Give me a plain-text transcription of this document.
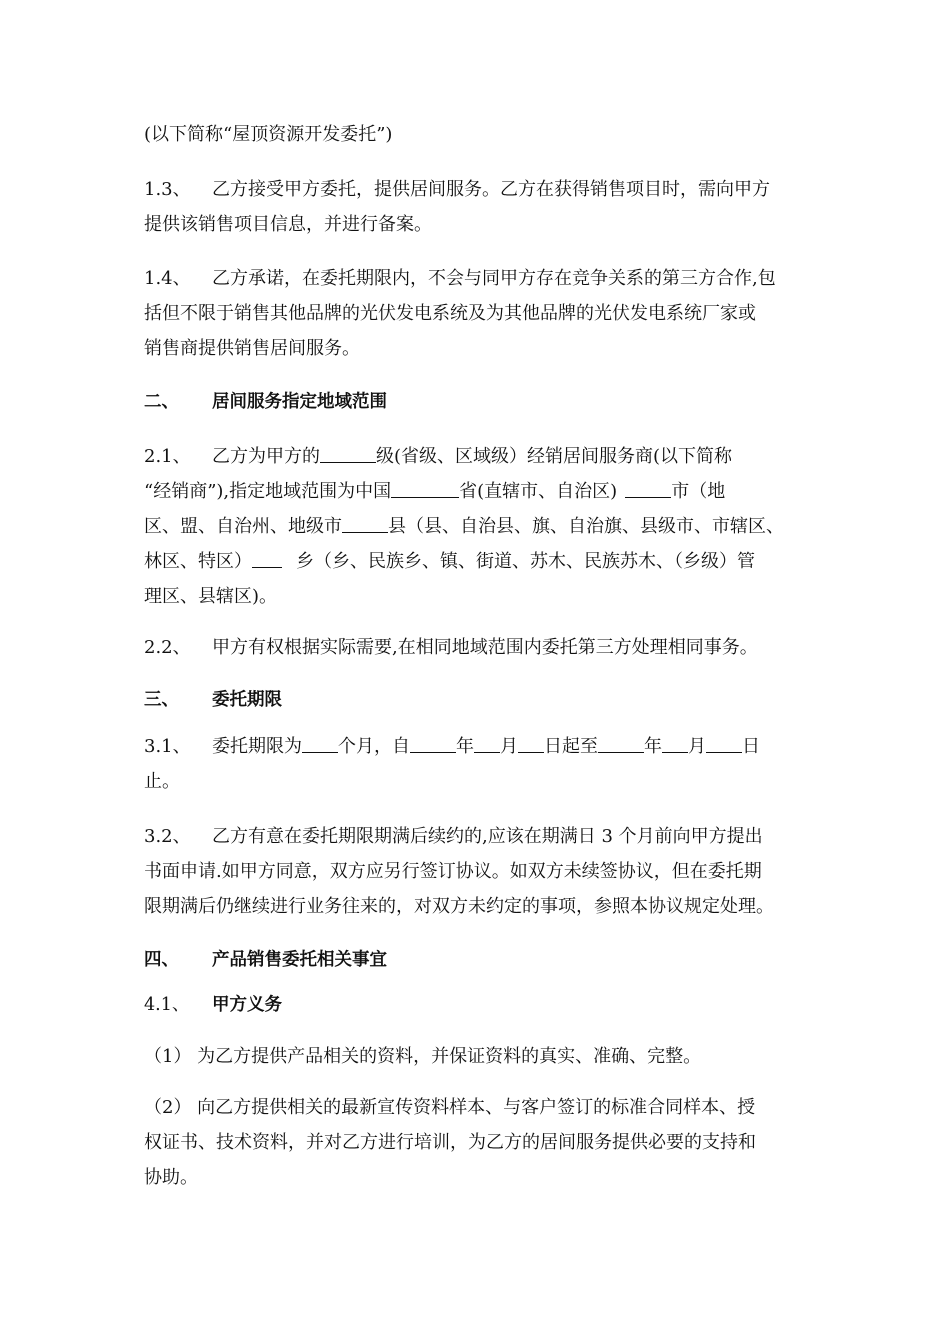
(以下简称“屋顶资源开发委托”)
1.3、 乙方接受甲方委托，提供居间服务。乙方在获得销售项目时，需向甲方
提供该销售项目信息，并进行备案。
1.4、 乙方承诺，在委托期限内，不会与同甲方存在竞争关系的第三方合作,包
括但不限于销售其他品牌的光伏发电系统及为其他品牌的光伏发电系统厂家或
销售商提供销售居间服务。
二、 居间服务指定地域范围
2.1、 乙方为甲方的	级(省级、区域级）经销居间服务商(以下简称
“经销商”),指定地域范围为中国	省(直辖市、自治区)	市（地
区、盟、自治州、地级市	县（县、自治县、旗、自治旗、县级市、市辖区、
林区、特区） 乡（乡、民族乡、镇、街道、苏木、民族苏木、（乡级）管
理区、县辖区)。
2.2、 甲方有权根据实际需要,在相同地域范围内委托第三方处理相同事务。
三、 委托期限
3.1、 委托期限为 个月，自	年 月 日起至	年 月 日
止。
3.2、 乙方有意在委托期限期满后续约的,应该在期满日 3 个月前向甲方提出
书面申请.如甲方同意，双方应另行签订协议。如双方未续签协议，但在委托期
限期满后仍继续进行业务往来的，对双方未约定的事项，参照本协议规定处理。
四、 产品销售委托相关事宜
4.1、 甲方义务
（1） 为乙方提供产品相关的资料，并保证资料的真实、准确、完整。
（2） 向乙方提供相关的最新宣传资料样本、与客户签订的标准合同样本、授
权证书、技术资料，并对乙方进行培训，为乙方的居间服务提供必要的支持和
协助。
